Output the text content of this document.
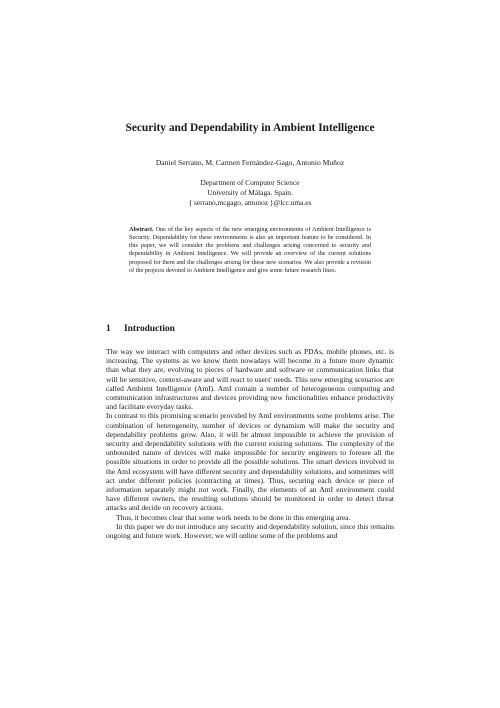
Security and Dependability in Ambient Intelligence
Daniel Serrano, M. Carmen Fernández-Gago, Antonio Muñoz
Department of Computer Science
University of Málaga. Spain.
{ serrano,mcgago, amunoz }@lcc.uma.es
Abstract. One of the key aspects of the new emerging environments of Ambient Intelligence is Security. Dependability for these environments is also an important feature to be considered. In this paper, we will consider the problems and challenges arising concerned to security and dependability in Ambient Intelligence. We will provide an overview of the current solutions proposed for them and the challenges arising for these new scenarios. We also provide a revision of the projects devoted to Ambient Intelligence and give some future research lines.
1 Introduction

The way we interact with computers and other devices such as PDAs, mobile phones, etc. is increasing. The systems as we know them nowadays will become in a future more dynamic than what they are, evolving to pieces of hardware and software or communication links that will be sensitive, context-aware and will react to users' needs. This new emerging scenarios are called Ambient Intelligence (AmI). AmI contain a number of heterogeneous computing and communication infrastructures and devices providing new functionalities enhance productivity and facilitate everyday tasks.

In contrast to this promising scenario provided by AmI environments some problems arise. The combination of heterogeneity, number of devices or dynamism will make the security and dependability problems grow. Also, it will be almost impossible to achieve the provision of security and dependability solutions with the current existing solutions. The complexity of the unbounded nature of devices will make impossible for security engineers to foresee all the possible situations in order to provide all the possible solutions. The smart devices involved in the AmI ecosystem will have different security and dependability solutions, and sometimes will act under different policies (contracting at times). Thus, securing each device or piece of information separately might not work. Finally, the elements of an AmI environment could have different owners, the resulting solutions should be monitored in order to detect threat attacks and decide on recovery actions.

Thus, it becomes clear that some work needs to be done in this emerging area.

In this paper we do not introduce any security and dependability solution, since this remains ongoing and future work. However, we will online some of the problems and
